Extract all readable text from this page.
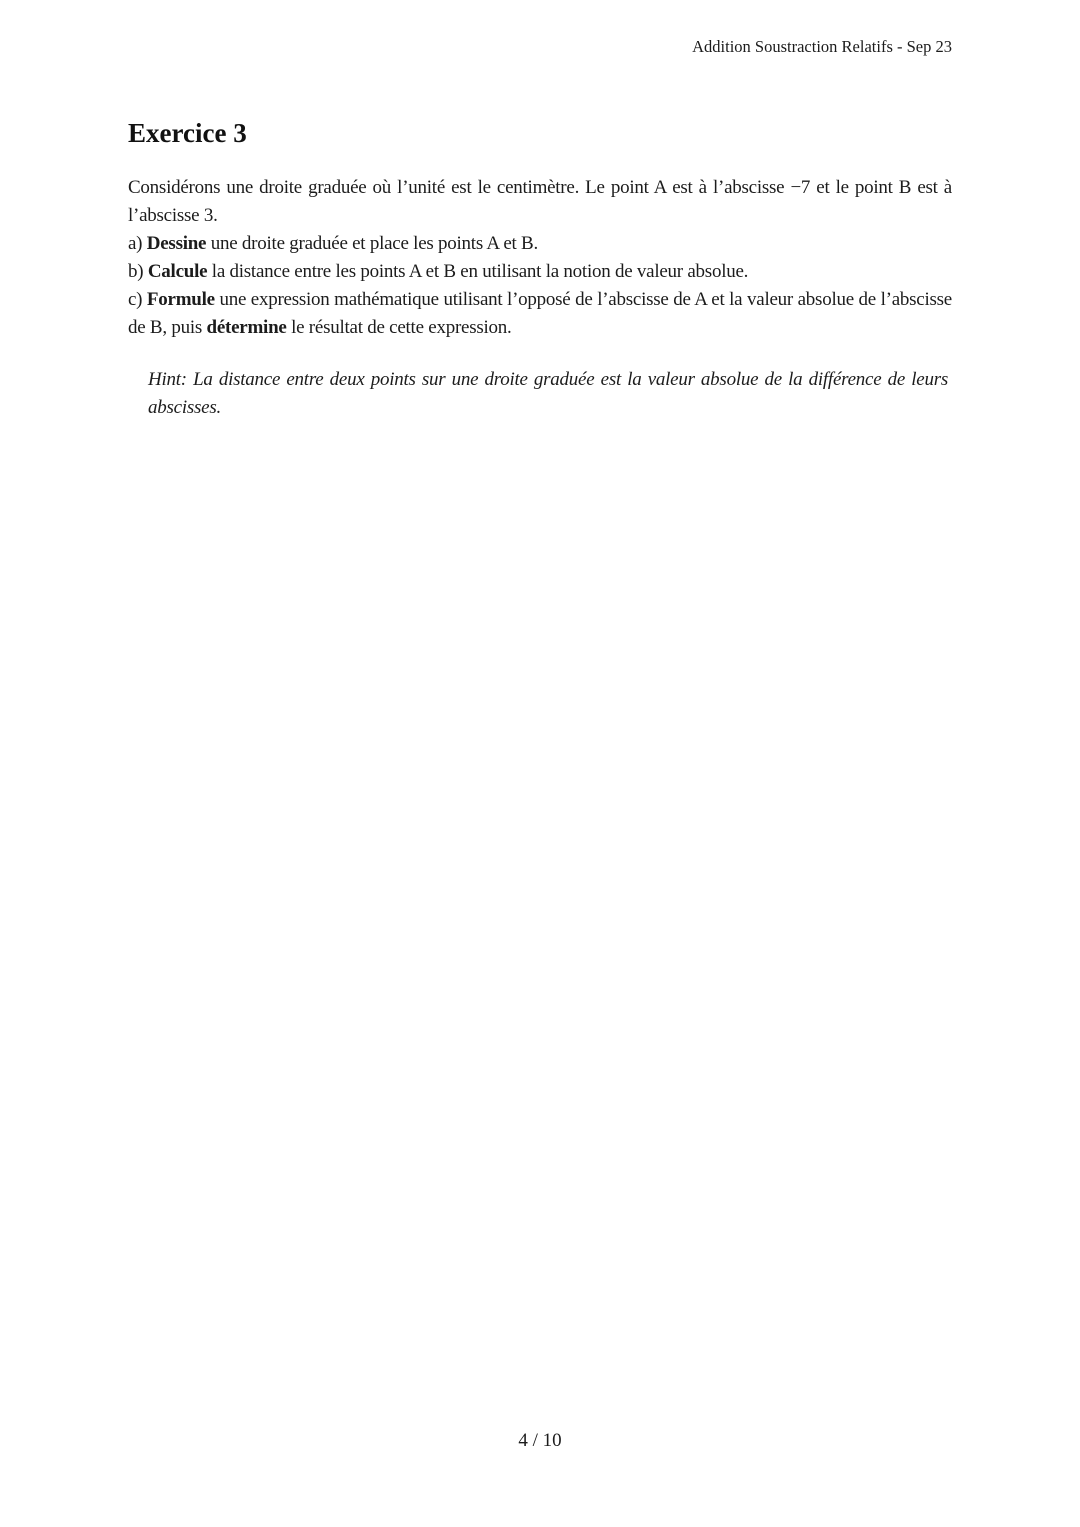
Addition Soustraction Relatifs - Sep 23
Exercice 3

Considérons une droite graduée où l’unité est le centimètre. Le point A est à l’abscisse −7 et le point B est à l’abscisse 3.

a) Dessine une droite graduée et place les points A et B.

b) Calcule la distance entre les points A et B en utilisant la notion de valeur absolue.

c) Formule une expression mathématique utilisant l’opposé de l’abscisse de A et la valeur absolue de l’abscisse de B, puis détermine le résultat de cette expression.

Hint: La distance entre deux points sur une droite graduée est la valeur absolue de la différence de leurs abscisses.

4 / 10
